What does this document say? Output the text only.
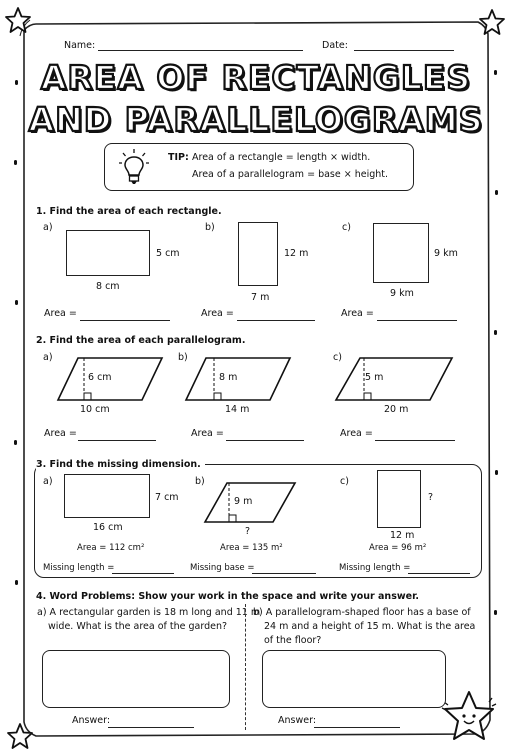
Name:	Date:
AREA OF RECTANGLES
AND PARALLELOGRAMS
TIP: Area of a rectangle = length × width.
Area of a parallelogram = base × height.
1. Find the area of each rectangle.
a)
5 cm
8 cm
Area =
b)
12 m
7 m
Area =
c)
9 km
9 km
Area =
2. Find the area of each parallelogram.
a)
6 cm
10 cm
Area =
b)
8 m
14 m
Area =
c)
5 m
20 m
Area =
3. Find the missing dimension.
a)
7 cm
16 cm
Area = 112 cm²
Missing length =
b)
9 m
?
Area = 135 m²
Missing base =
c)
?
12 m
Area = 96 m²
Missing length =
4. Word Problems: Show your work in the space and write your answer.
a) A rectangular garden is 18 m long and 11 m
wide. What is the area of the garden?
b) A parallelogram-shaped floor has a base of
24 m and a height of 15 m. What is the area
of the floor?
Answer:	Answer:
